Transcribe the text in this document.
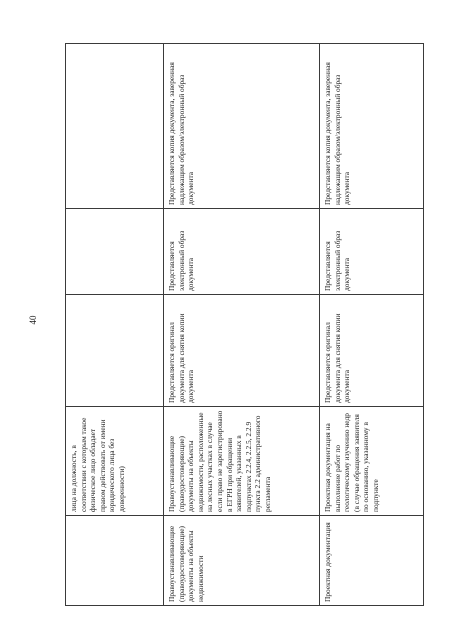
40
	лица на должность, в соответствии с которым такое физическое лицо обладает правом действовать от имени юридического лица без доверенности)			
Правоустанавливающие (правоудостоверяющие) документы на объекты недвижимости	Правоустанавливающие (правоудостоверяющие) документы на объекты недвижимости, расположенные на лесных участках в случае если право не зарегистрировано в ЕГРН при обращении заявителей, указанных в подпунктах 2.2.4, 2.2.5, 2.2.9 пункта 2.2 административного регламента	Представляется оригинал документа для снятия копии документа	Представляется электронный образ документа	Представляется копия документа, заверенная надлежащим образом/электронный образ документа
Проектная документация	Проектная документация на выполнение работ по геологическому изучению недр (в случае обращения заявителя по основанию, указанному в подпункте	Представляется оригинал документа для снятия копии документа	Представляется электронный образ документа	Представляется копия документа, заверенная надлежащим образом/электронный образ документа
